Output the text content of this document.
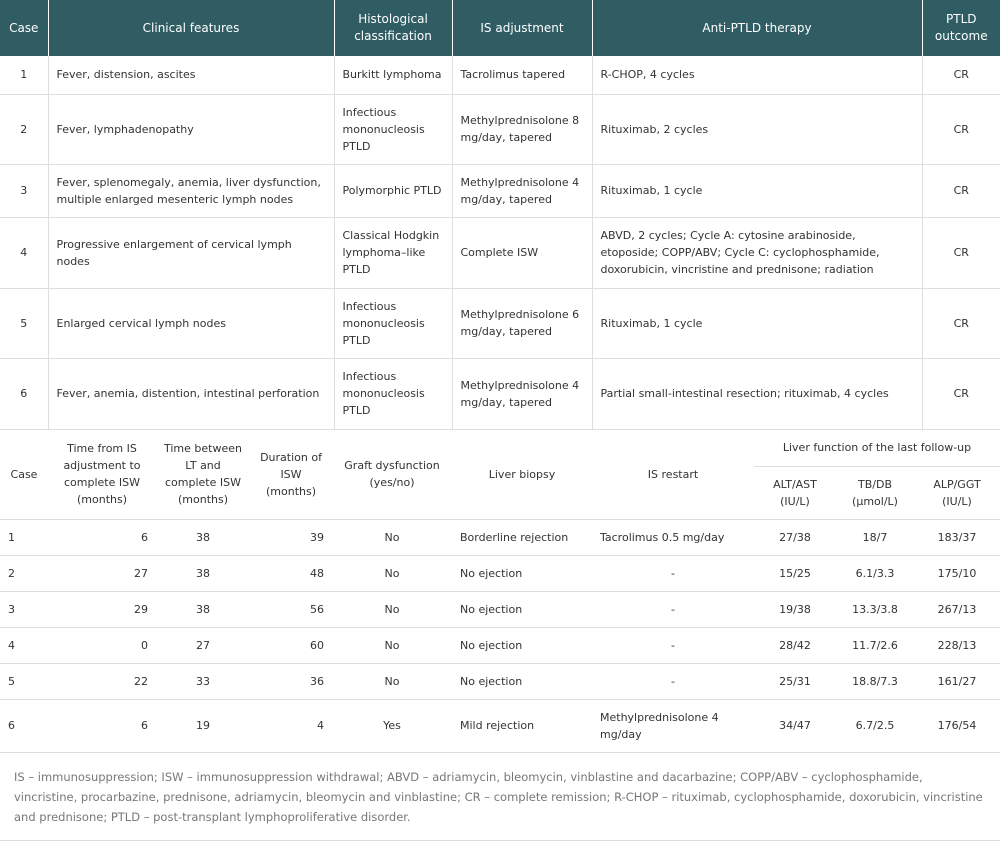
Case	Clinical features	Histological classification	IS adjustment	Anti-PTLD therapy	PTLD outcome
1	Fever, distension, ascites	Burkitt lymphoma	Tacrolimus tapered	R-CHOP, 4 cycles	CR
2	Fever, lymphadenopathy	Infectious mononucleosis PTLD	Methylprednisolone 8 mg/day, tapered	Rituximab, 2 cycles	CR
3	Fever, splenomegaly, anemia, liver dysfunction, multiple enlarged mesenteric lymph nodes	Polymorphic PTLD	Methylprednisolone 4 mg/day, tapered	Rituximab, 1 cycle	CR
4	Progressive enlargement of cervical lymph nodes	Classical Hodgkin lymphoma–like PTLD	Complete ISW	ABVD, 2 cycles; Cycle A: cytosine arabinoside, etoposide; COPP/ABV; Cycle C: cyclophosphamide, doxorubicin, vincristine and prednisone; radiation	CR
5	Enlarged cervical lymph nodes	Infectious mononucleosis PTLD	Methylprednisolone 6 mg/day, tapered	Rituximab, 1 cycle	CR
6	Fever, anemia, distention, intestinal perforation	Infectious mononucleosis PTLD	Methylprednisolone 4 mg/day, tapered	Partial small-intestinal resection; rituximab, 4 cycles	CR
Case	Time from IS adjustment to complete ISW (months)	Time between LT and complete ISW (months)	Duration of ISW (months)	Graft dysfunction (yes/no)	Liver biopsy	IS restart	Liver function of the last follow-up		
							ALT/AST (IU/L)	TB/DB (μmol/L)	ALP/GGT (IU/L)
1	6	38	39	No	Borderline rejection	Tacrolimus 0.5 mg/day	27/38	18/7	183/37
2	27	38	48	No	No ejection	-	15/25	6.1/3.3	175/10
3	29	38	56	No	No ejection	-	19/38	13.3/3.8	267/13
4	0	27	60	No	No ejection	-	28/42	11.7/2.6	228/13
5	22	33	36	No	No ejection	-	25/31	18.8/7.3	161/27
6	6	19	4	Yes	Mild rejection	Methylprednisolone 4 mg/day	34/47	6.7/2.5	176/54
IS – immunosuppression; ISW – immunosuppression withdrawal; ABVD – adriamycin, bleomycin, vinblastine and dacarbazine; COPP/ABV – cyclophosphamide, vincristine, procarbazine, prednisone, adriamycin, bleomycin and vinblastine; CR – complete remission; R-CHOP – rituximab, cyclophosphamide, doxorubicin, vincristine and prednisone; PTLD – post-transplant lymphoproliferative disorder.
